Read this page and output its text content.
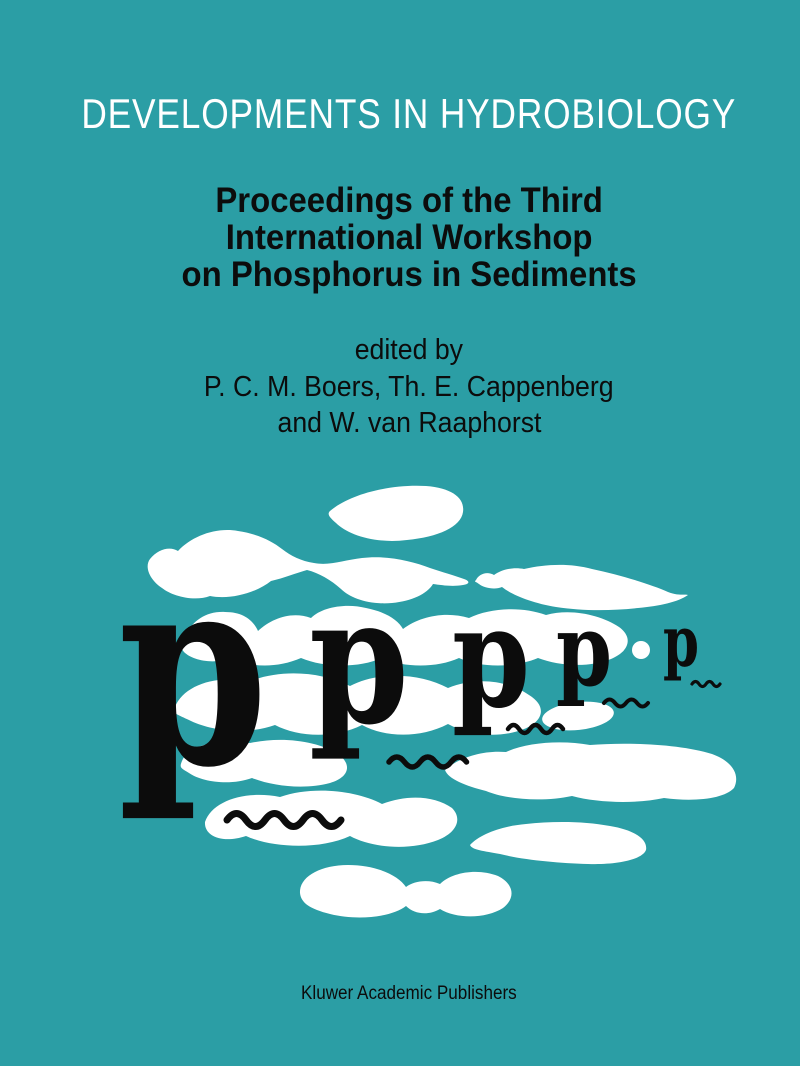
p p p p p
DEVELOPMENTS IN HYDROBIOLOGY
Proceedings of the Third
International Workshop
on Phosphorus in Sediments
edited by
P. C. M. Boers, Th. E. Cappenberg
and W. van Raaphorst
Kluwer Academic Publishers
